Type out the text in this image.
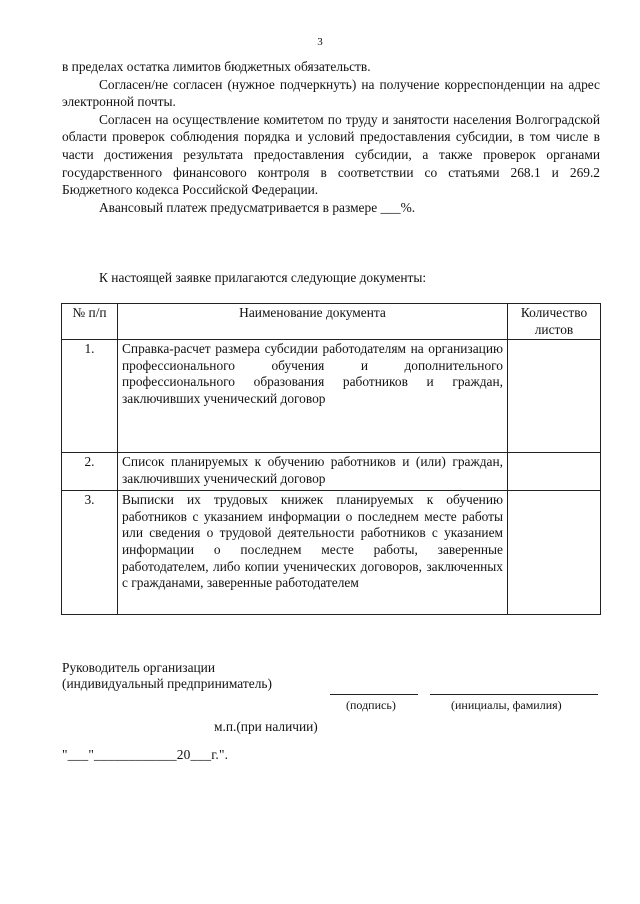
3

в пределах остатка лимитов бюджетных обязательств.

Согласен/не согласен (нужное подчеркнуть) на получение корреспонденции на адрес электронной почты.

Согласен на осуществление комитетом по труду и занятости населения Волгоградской области проверок соблюдения порядка и условий предоставления субсидии, в том числе в части достижения результата предоставления субсидии, а также проверок органами государственного финансового контроля в соответствии со статьями 268.1 и 269.2 Бюджетного кодекса Российской Федерации.

Авансовый платеж предусматривается в размере ___%.

К настоящей заявке прилагаются следующие документы:
№ п/п	Наименование документа	Количество листов
1.	Справка-расчет размера субсидии работодателям на организацию профессионального обучения и дополнительного профессионального образования работников и граждан, заключивших ученический договор	
2.	Список планируемых к обучению работников и (или) граждан, заключивших ученический договор	
3.	Выписки их трудовых книжек планируемых к обучению работников с указанием информации о последнем месте работы или сведения о трудовой деятельности работников с указанием информации о последнем месте работы, заверенные работодателем, либо копии ученических договоров, заключенных с гражданами, заверенные работодателем	
Руководитель организации
(индивидуальный предприниматель)
(подпись)	(инициалы, фамилия)
м.п.(при наличии)
"___"____________20___г.".
